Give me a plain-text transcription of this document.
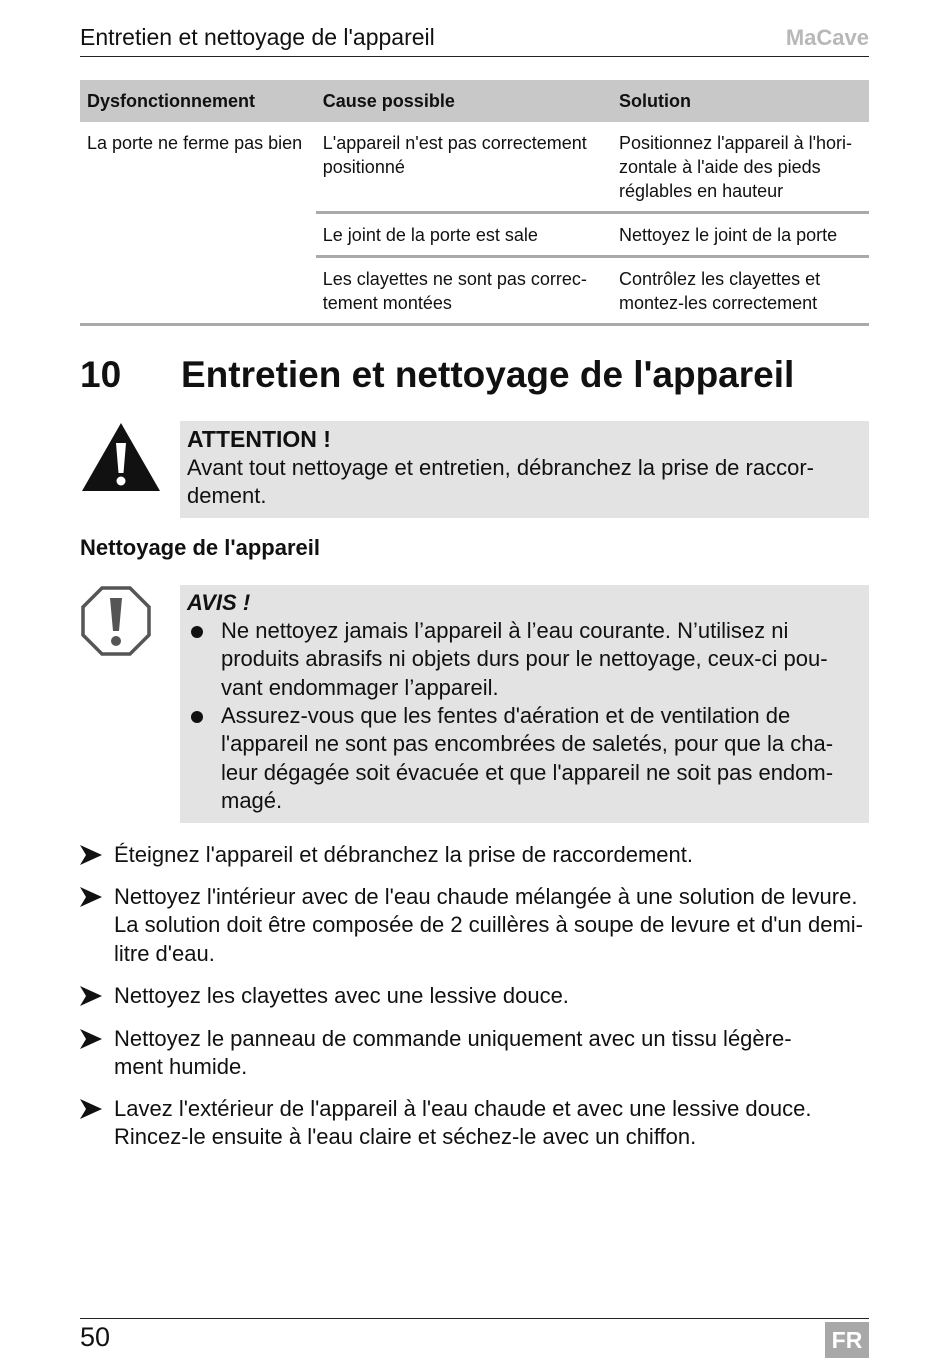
Entretien et nettoyage de l'appareil	MaCave
Dysfonctionnement	Cause possible	Solution
La porte ne ferme pas bien	L'appareil n'est pas correctement positionné	Positionnez l'appareil à l'hori- zontale à l'aide des pieds réglables en hauteur
	Le joint de la porte est sale	Nettoyez le joint de la porte
	Les clayettes ne sont pas correc- tement montées	Contrôlez les clayettes et montez-les correctement
10 Entretien et nettoyage de l'appareil
ATTENTION !
Avant tout nettoyage et entretien, débranchez la prise de raccor- dement.
Nettoyage de l'appareil
AVIS !
Ne nettoyez jamais l’appareil à l’eau courante. N’utilisez ni produits abrasifs ni objets durs pour le nettoyage, ceux-ci pou- vant endommager l’appareil.
Assurez-vous que les fentes d'aération et de ventilation de l'appareil ne sont pas encombrées de saletés, pour que la cha- leur dégagée soit évacuée et que l'appareil ne soit pas endom- magé.
Éteignez l'appareil et débranchez la prise de raccordement.
Nettoyez l'intérieur avec de l'eau chaude mélangée à une solution de levure. La solution doit être composée de 2 cuillères à soupe de levure et d'un demi-litre d'eau.
Nettoyez les clayettes avec une lessive douce.
Nettoyez le panneau de commande uniquement avec un tissu légère- ment humide.
Lavez l'extérieur de l'appareil à l'eau chaude et avec une lessive douce. Rincez-le ensuite à l'eau claire et séchez-le avec un chiffon.
50	FR
